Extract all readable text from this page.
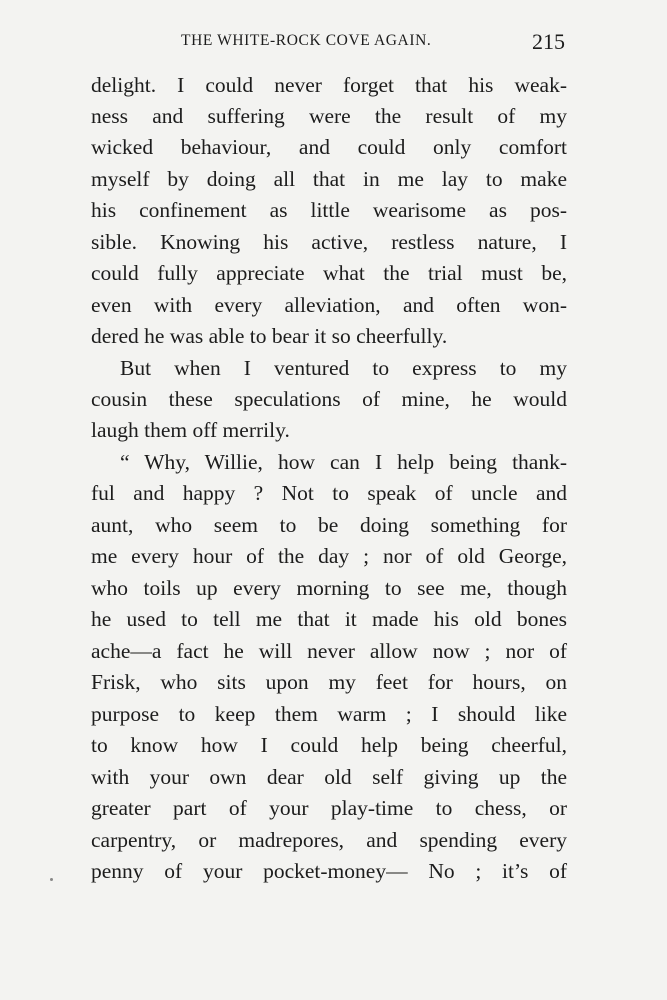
THE WHITE-ROCK COVE AGAIN.	215
delight. I could never forget that his weak-
ness and suffering were the result of my
wicked behaviour, and could only comfort
myself by doing all that in me lay to make
his confinement as little wearisome as pos-
sible. Knowing his active, restless nature, I
could fully appreciate what the trial must be,
even with every alleviation, and often won-
dered he was able to bear it so cheerfully.
But when I ventured to express to my
cousin these speculations of mine, he would
laugh them off merrily.
“ Why, Willie, how can I help being thank-
ful and happy ? Not to speak of uncle and
aunt, who seem to be doing something for
me every hour of the day ; nor of old George,
who toils up every morning to see me, though
he used to tell me that it made his old bones
ache—a fact he will never allow now ; nor of
Frisk, who sits upon my feet for hours, on
purpose to keep them warm ; I should like
to know how I could help being cheerful,
with your own dear old self giving up the
greater part of your play-time to chess, or
carpentry, or madrepores, and spending every
penny of your pocket-money— No ; it’s of
